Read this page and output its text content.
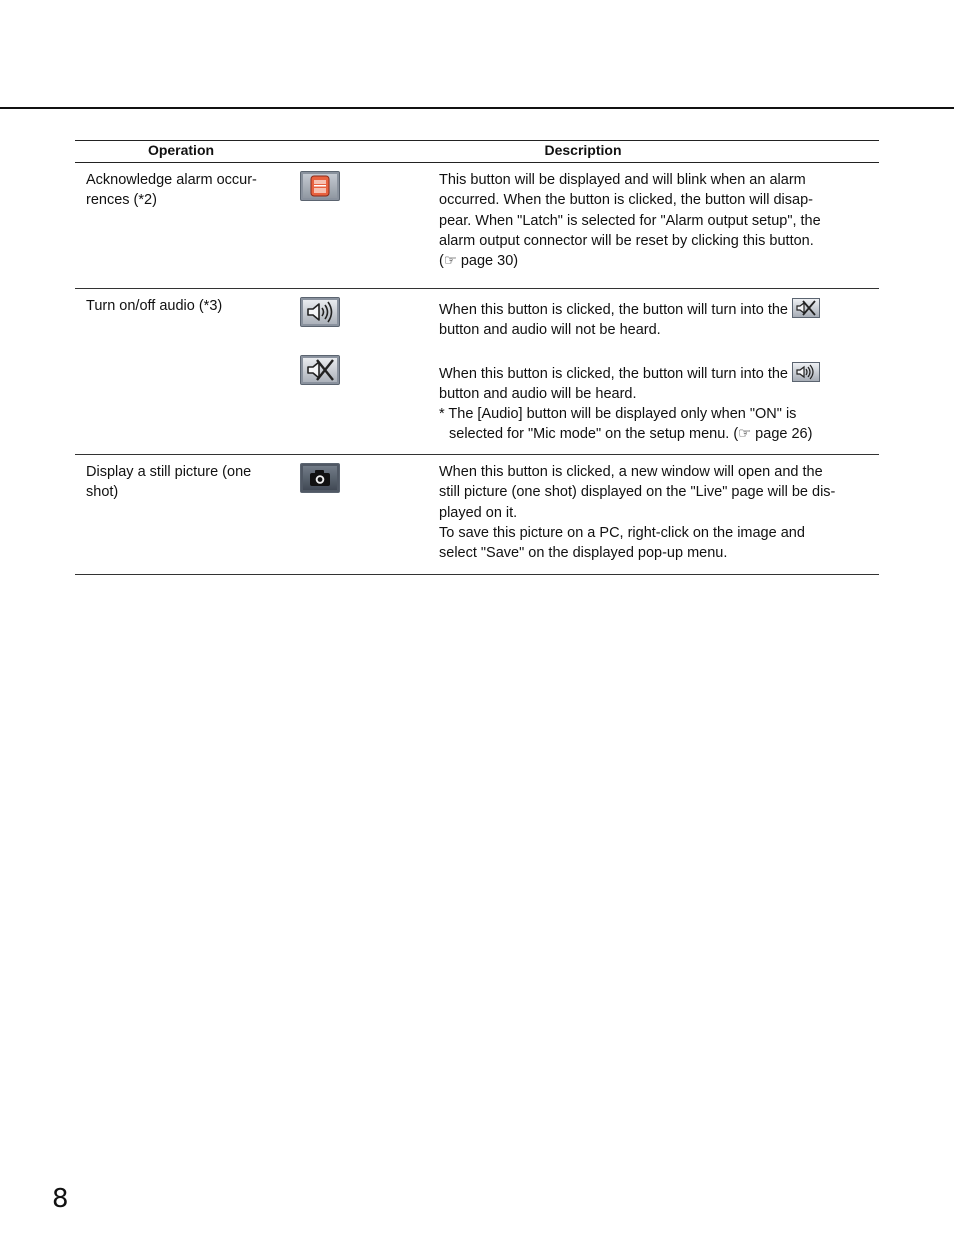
Operation	Description
Acknowledge alarm occur-
rences (*2)

This button will be displayed and will blink when an alarm

occurred. When the button is clicked, the button will disap-

pear. When "Latch" is selected for "Alarm output setup", the

alarm output connector will be reset by clicking this button.

(☞ page 30)

Turn on/off audio (*3)	When this button is clicked, the button will turn into the

button and audio will not be heard.

When this button is clicked, the button will turn into the

button and audio will be heard.

* The [Audio] button will be displayed only when "ON" is

selected for "Mic mode" on the setup menu. (☞ page 26)

Display a still picture (one
shot)

When this button is clicked, a new window will open and the

still picture (one shot) displayed on the "Live" page will be dis-

played on it.

To save this picture on a PC, right-click on the image and

select "Save" on the displayed pop-up menu.

8
